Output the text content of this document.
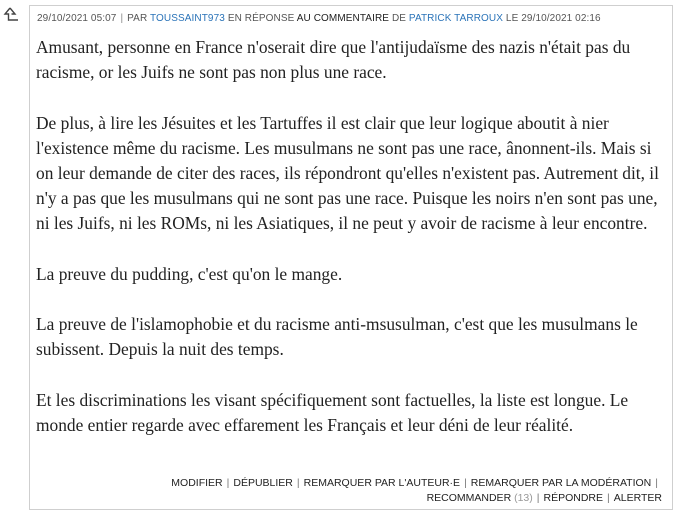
29/10/2021 05:07 | PAR TOUSSAINT973 EN RÉPONSE AU COMMENTAIRE DE PATRICK TARROUX LE 29/10/2021 02:16

Amusant, personne en France n'oserait dire que l'antijudaïsme des nazis n'était pas du racisme, or les Juifs ne sont pas non plus une race.

De plus, à lire les Jésuites et les Tartuffes il est clair que leur logique aboutit à nier l'existence même du racisme. Les musulmans ne sont pas une race, ânonnent-ils. Mais si on leur demande de citer des races, ils répondront qu'elles n'existent pas. Autrement dit, il n'y a pas que les musulmans qui ne sont pas une race. Puisque les noirs n'en sont pas une, ni les Juifs, ni les ROMs, ni les Asiatiques, il ne peut y avoir de racisme à leur encontre.

La preuve du pudding, c'est qu'on le mange.

La preuve de l'islamophobie et du racisme anti-msusulman, c'est que les musulmans le subissent. Depuis la nuit des temps.

Et les discriminations les visant spécifiquement sont factuelles, la liste est longue. Le monde entier regarde avec effarement les Français et leur déni de leur réalité.

MODIFIER | DÉPUBLIER | REMARQUER PAR L'AUTEUR·E | REMARQUER PAR LA MODÉRATION |
RECOMMANDER (13) | RÉPONDRE | ALERTER
